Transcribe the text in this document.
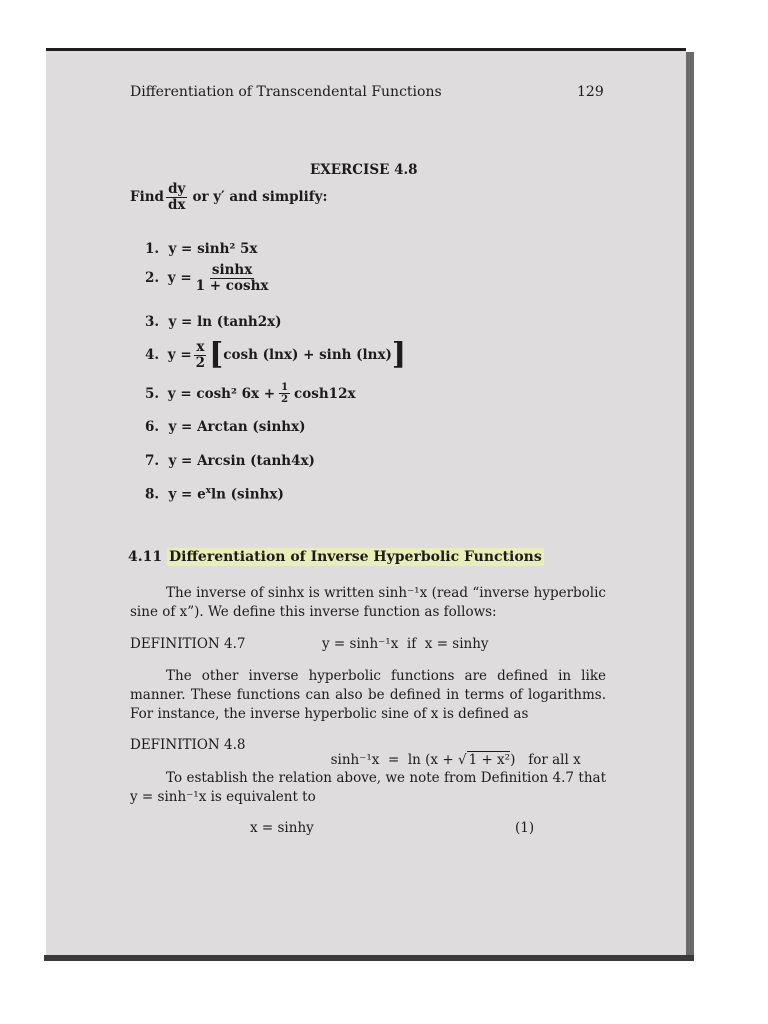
Differentiation of Transcendental Functions	129
EXERCISE 4.8
Find $\frac{dy}{dx}$ or y′ and simplify:
1. y = sinh² 5x
2.
$y = \frac{\sinh x}{1 + \cosh x}$
3. y = ln (tanh2x)
4.
$y = \frac{x}{2}$ [ cosh (lnx) + sinh (lnx) ]
5.
y =
cosh² $6x + \frac{1}{2} \cosh 12x$
6. y = Arctan (sinhx)
7. y = Arcsin (tanh4x)
8. $y = e^x\ln$ (sinhx)
4.11 Differentiation of Inverse Hyperbolic Functions
The inverse of sinhx is written sinh⁻¹x (read “inverse hyperbolic sine of x”). We define this inverse function as follows:
DEFINITION 4.7	y = sinh⁻¹x  if  x = sinhy
The other inverse hyperbolic functions are defined in like manner. These functions can also be defined in terms of logarithms. For instance, the inverse hyperbolic sine of x is defined as
DEFINITION 4.8

sinh⁻¹x  =  ln (x + √ 1 + x²) for all x

To establish the relation above, we note from Definition 4.7 that y = sinh⁻¹x is equivalent to
x = sinhy	(1)
